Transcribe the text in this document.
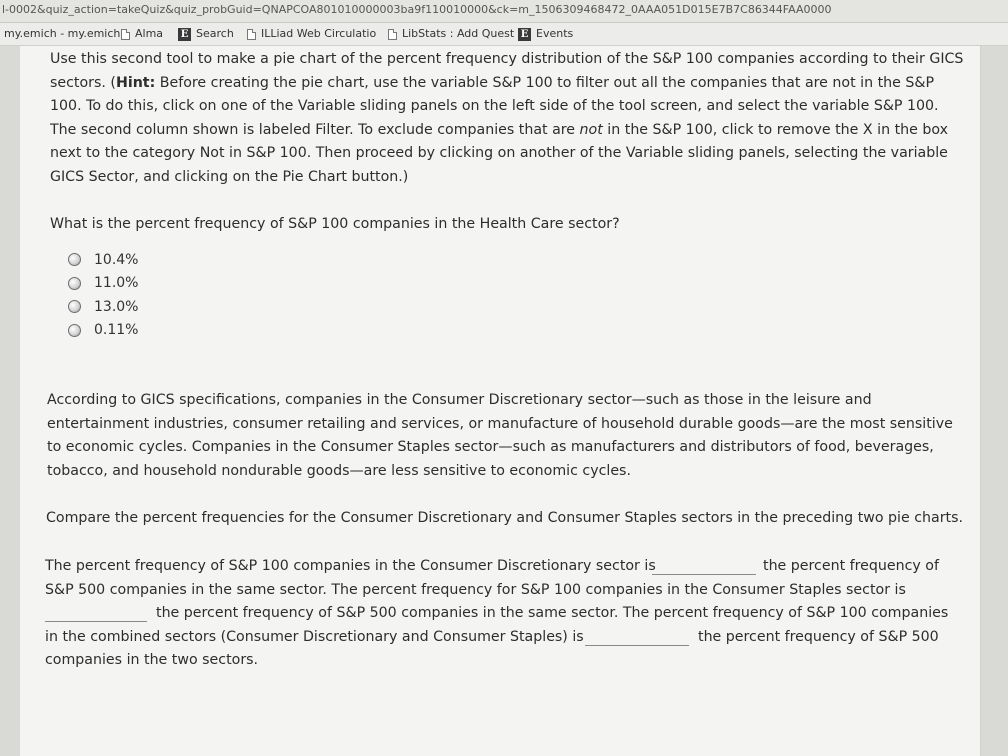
l-0002&quiz_action=takeQuiz&quiz_probGuid=QNAPCOA80101000000​3ba9f110010000&ck=m_1506309468472_0AAA051D015E7B7C86344FAA0000
my.emich - my.emich Alma E Search ILLiad Web Circulatio LibStats : Add Quest E Events
Use this second tool to make a pie chart of the percent frequency distribution of the S&P 100 companies according to their GICS
sectors. (Hint: Before creating the pie chart, use the variable S&P 100 to filter out all the companies that are not in the S&P
100. To do this, click on one of the Variable sliding panels on the left side of the tool screen, and select the variable S&P 100.
The second column shown is labeled Filter. To exclude companies that are not in the S&P 100, click to remove the X in the box
next to the category Not in S&P 100. Then proceed by clicking on another of the Variable sliding panels, selecting the variable
GICS Sector, and clicking on the Pie Chart button.)
What is the percent frequency of S&P 100 companies in the Health Care sector?
10.4%
11.0%
13.0%
0.11%
According to GICS specifications, companies in the Consumer Discretionary sector—such as those in the leisure and
entertainment industries, consumer retailing and services, or manufacture of household durable goods—are the most sensitive
to economic cycles. Companies in the Consumer Staples sector—such as manufacturers and distributors of food, beverages,
tobacco, and household nondurable goods—are less sensitive to economic cycles.
Compare the percent frequencies for the Consumer Discretionary and Consumer Staples sectors in the preceding two pie charts.
The percent frequency of S&P 100 companies in the Consumer Discretionary sector is	the percent frequency of
S&P 500 companies in the same sector. The percent frequency for S&P 100 companies in the Consumer Staples sector is
the percent frequency of S&P 500 companies in the same sector. The percent frequency of S&P 100 companies
in the combined sectors (Consumer Discretionary and Consumer Staples) is	the percent frequency of S&P 500
companies in the two sectors.
